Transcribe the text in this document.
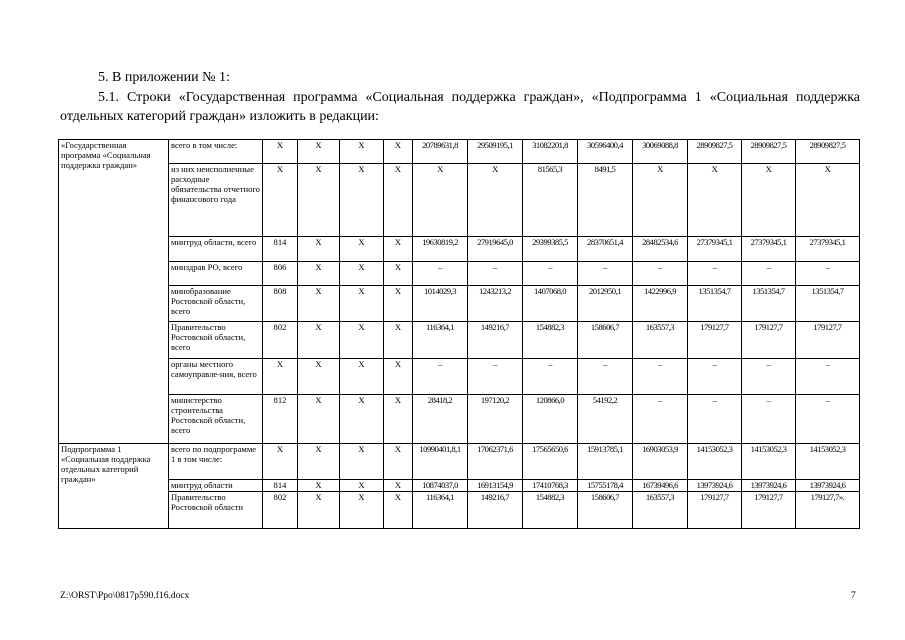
5. В приложении № 1:
5.1. Строки «Государственная программа «Социальная поддержка граждан», «Подпрограмма 1 «Социальная поддержка отдельных категорий граждан» изложить в редакции:
«Государственная программа «Социальная поддержка граждан»	всего в том числе:	X	X	X	X	20789631,8	29509195,1	31082201,8	30596400,4	30069088,8	28909827,5	28909827,5	28909827,5
	из них неисполненные расходные обязательства отчетного финансового года	X	X	X	X	X	X	81565,3	8491,5	X	X	X	X
	минтруд области, всего	814	X	X	X	19630819,2	27919645,0	29399385,5	28370651,4	28482534,6	27379345,1	27379345,1	27379345,1
	минздрав РО, всего	806	X	X	X	–	–	–	–	–	–	–	–
	минобразование Ростовской области, всего	808	X	X	X	1014029,3	1243213,2	1407068,0	2012950,1	1422996,9	1351354,7	1351354,7	1351354,7
	Правительство Ростовской области, всего	802	X	X	X	116364,1	149216,7	154882,3	158606,7	163557,3	179127,7	179127,7	179127,7
	органы местного самоуправле-ния, всего	X	X	X	X	–	–	–	–	–	–	–	–
	министерство строительства Ростовской области, всего	812	X	X	X	28418,2	197120,2	120866,0	54192,2	–	–	–	–
Подпрограмма 1 «Социальная поддержка отдельных категорий граждан»	всего по подпрограмме 1 в том числе:	X	X	X	X	10990401,8,1	17062371,6	17565650,6	15913785,1	16903053,9	14153052,3	14153052,3	14153052,3
	минтруд области	814	X	X	X	10874037,0	16913154,9	17410768,3	15755178,4	16739496,6	13973924,6	13973924,6	13973924,6
	Правительство Ростовской области	802	X	X	X	116364,1	149216,7	154882,3	158606,7	163557,3	179127,7	179127,7	179127,7».
Z:\ORST\Ppo\0817p590.f16.docx	7
